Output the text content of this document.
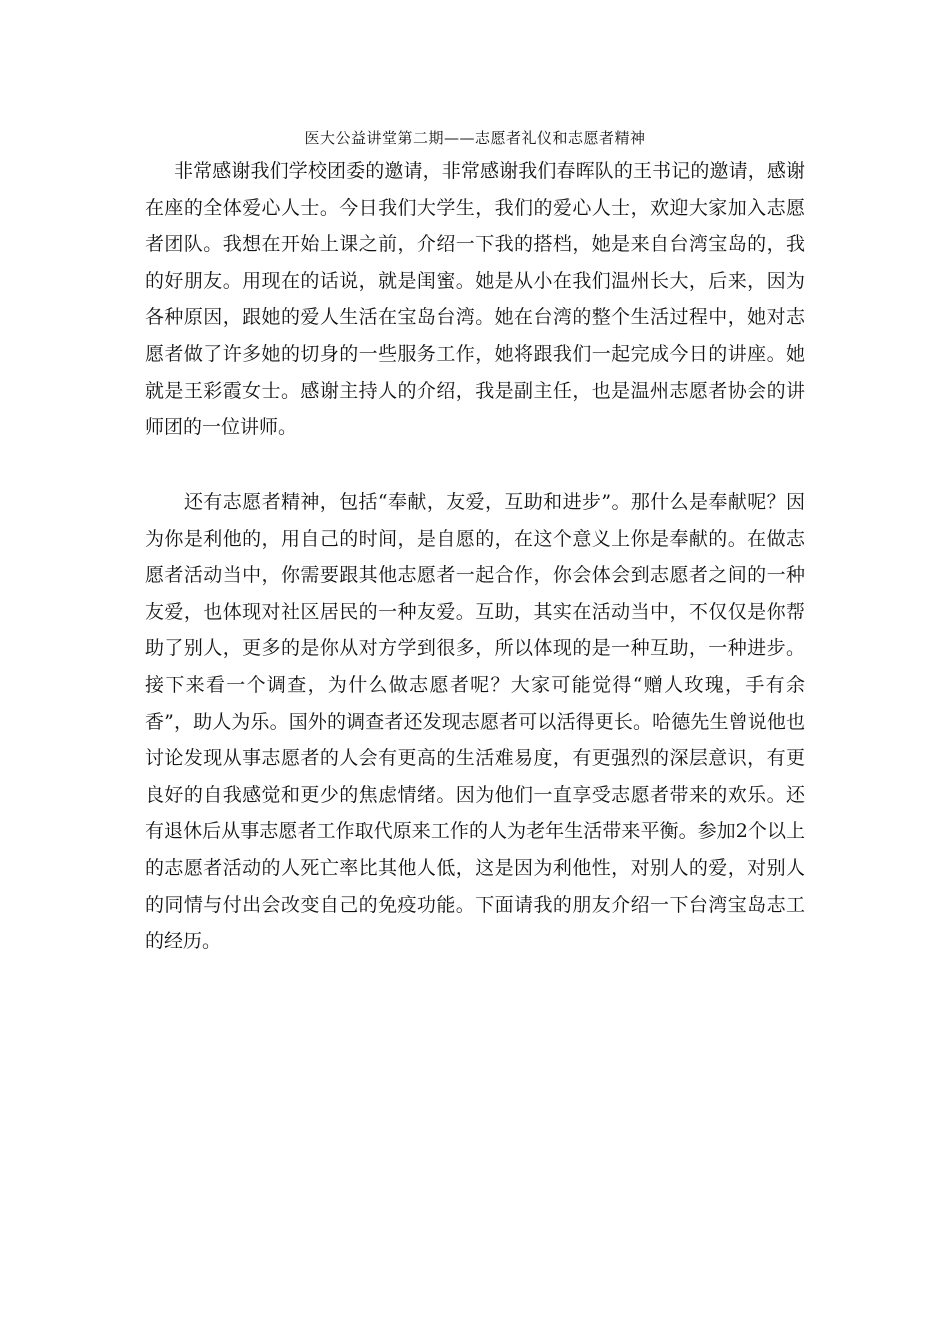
医大公益讲堂第二期——志愿者礼仪和志愿者精神

非常感谢我们学校团委的邀请，非常感谢我们春晖队的王书记的邀请，感谢在座的全体爱心人士。今日我们大学生，我们的爱心人士，欢迎大家加入志愿者团队。我想在开始上课之前，介绍一下我的搭档，她是来自台湾宝岛的，我的好朋友。用现在的话说，就是闺蜜。她是从小在我们温州长大，后来，因为各种原因，跟她的爱人生活在宝岛台湾。她在台湾的整个生活过程中，她对志愿者做了许多她的切身的一些服务工作，她将跟我们一起完成今日的讲座。她就是王彩霞女士。感谢主持人的介绍，我是副主任，也是温州志愿者协会的讲师团的一位讲师。

还有志愿者精神，包括“奉献，友爱，互助和进步”。那什么是奉献呢？因为你是利他的，用自己的时间，是自愿的，在这个意义上你是奉献的。在做志愿者活动当中，你需要跟其他志愿者一起合作，你会体会到志愿者之间的一种友爱，也体现对社区居民的一种友爱。互助，其实在活动当中，不仅仅是你帮助了别人，更多的是你从对方学到很多，所以体现的是一种互助，一种进步。接下来看一个调查，为什么做志愿者呢？大家可能觉得“赠人玫瑰，手有余香”，助人为乐。国外的调查者还发现志愿者可以活得更长。哈德先生曾说他也讨论发现从事志愿者的人会有更高的生活难易度，有更强烈的深层意识，有更良好的自我感觉和更少的焦虑情绪。因为他们一直享受志愿者带来的欢乐。还有退休后从事志愿者工作取代原来工作的人为老年生活带来平衡。参加2个以上的志愿者活动的人死亡率比其他人低，这是因为利他性，对别人的爱，对别人的同情与付出会改变自己的免疫功能。下面请我的朋友介绍一下台湾宝岛志工的经历。
